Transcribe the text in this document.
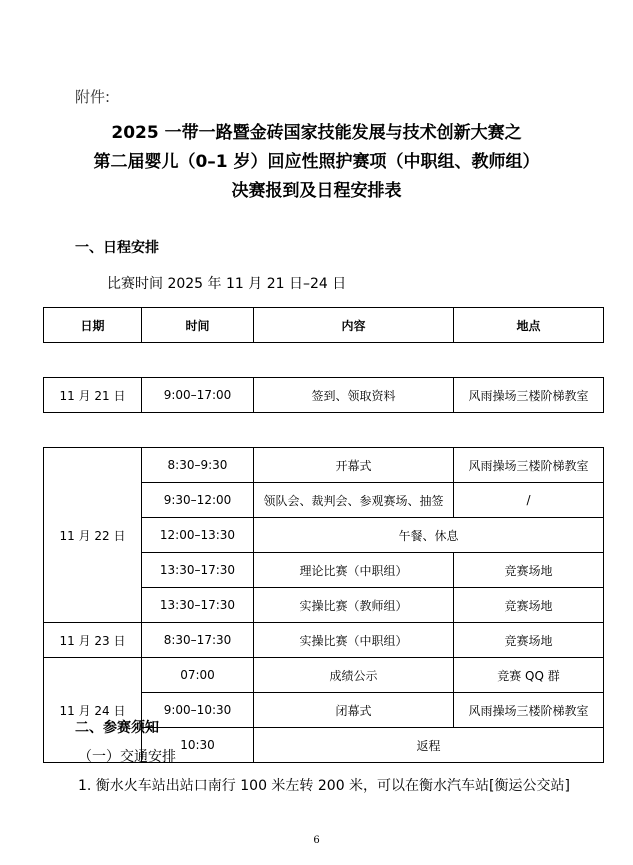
附件:
2025 一带一路暨金砖国家技能发展与技术创新大赛之
第二届婴儿（0–1 岁）回应性照护赛项（中职组、教师组）
决赛报到及日程安排表
一、日程安排
比赛时间 2025 年 11 月 21 日–24 日
日期	时间	内容	地点

11 月 21 日	9:00–17:00	签到、领取资料	风雨操场三楼阶梯教室

11 月 22 日	8:30–9:30	开幕式	风雨操场三楼阶梯教室
	9:30–12:00	领队会、裁判会、参观赛场、抽签	/
	12:00–13:30	午餐、休息	
	13:30–17:30	理论比赛（中职组）	竞赛场地
	13:30–17:30	实操比赛（教师组）	竞赛场地
11 月 23 日	8:30–17:30	实操比赛（中职组）	竞赛场地
11 月 24 日	07:00	成绩公示	竞赛 QQ 群
	9:00–10:30	闭幕式	风雨操场三楼阶梯教室
	10:30	返程	
二、参赛须知
（一）交通安排
1. 衡水火车站出站口南行 100 米左转 200 米，可以在衡水汽车站[衡运公交站]
6
